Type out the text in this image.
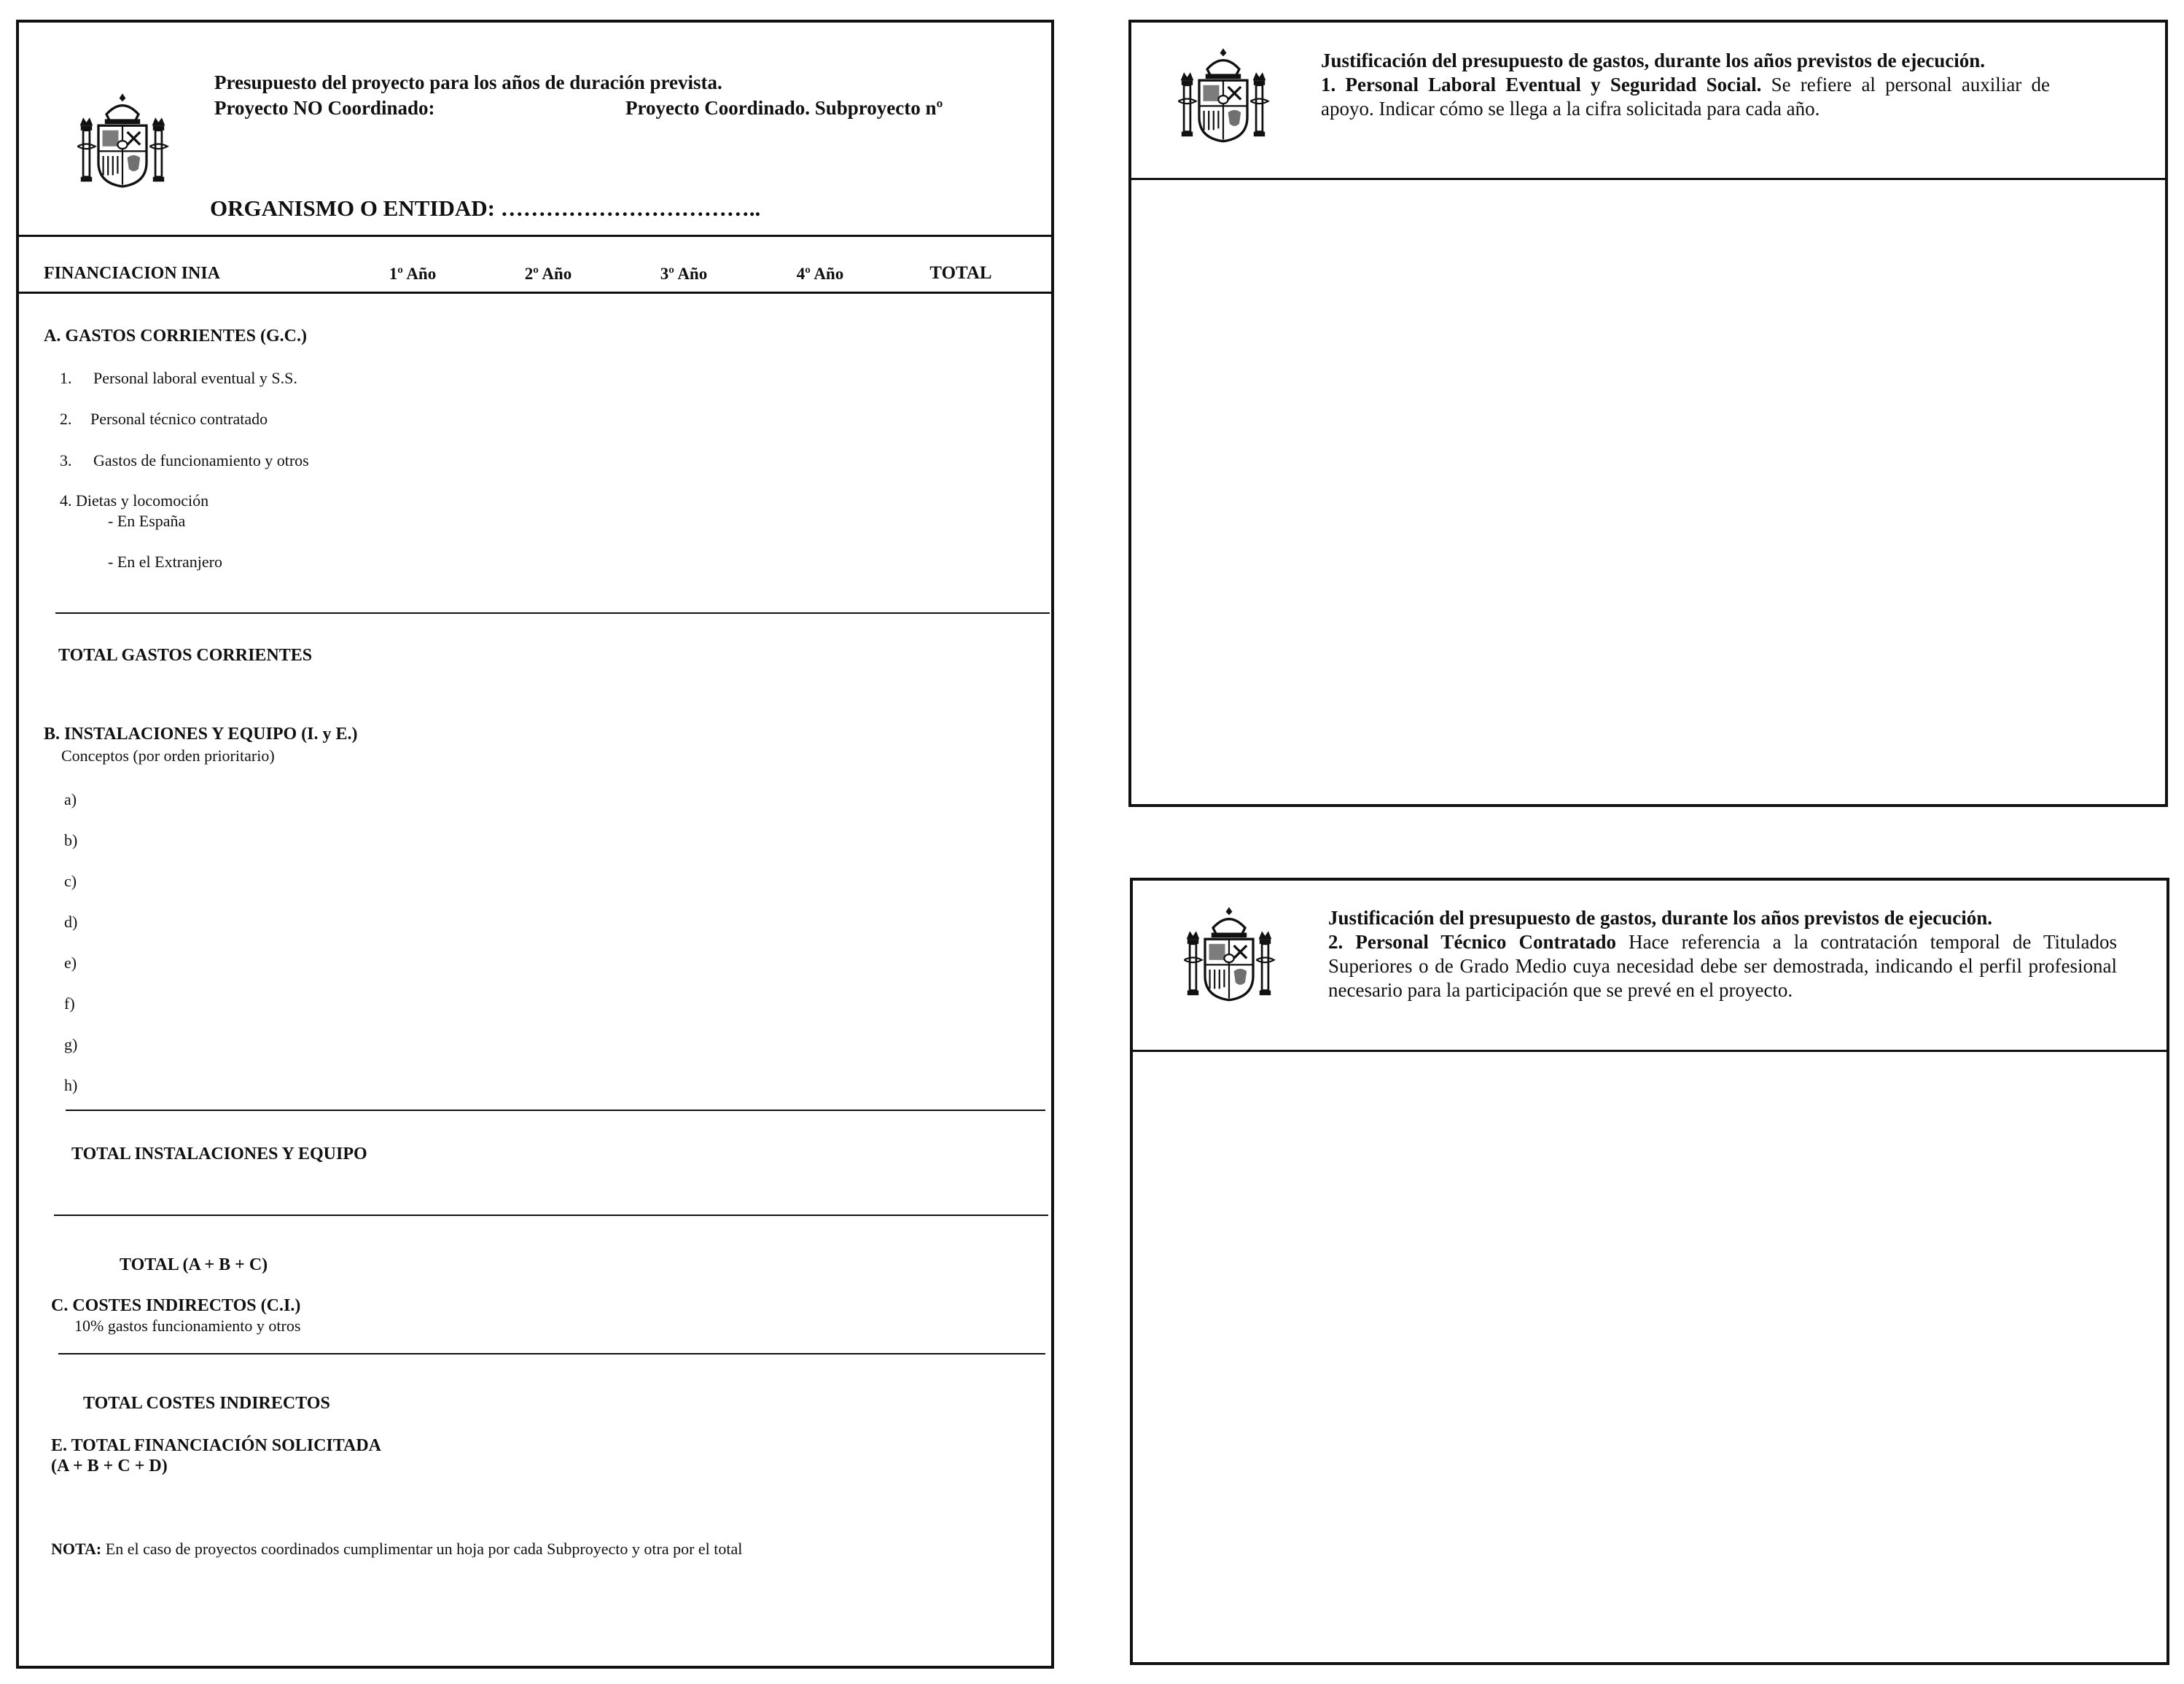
Presupuesto del proyecto para los años de duración prevista.
Proyecto NO Coordinado:	Proyecto Coordinado. Subproyecto nº
ORGANISMO O ENTIDAD: ……………………………..
FINANCIACION INIA	1º Año	2º Año	3º Año	4º Año	TOTAL
A. GASTOS CORRIENTES (G.C.)
1. Personal laboral eventual y S.S.
2. Personal técnico contratado
3. Gastos de funcionamiento y otros
4. Dietas y locomoción
- En España
- En el Extranjero
TOTAL GASTOS CORRIENTES
B. INSTALACIONES Y EQUIPO (I. y E.)
Conceptos (por orden prioritario)
a)
b)
c)
d)
e)
f)
g)
h)
TOTAL INSTALACIONES Y EQUIPO
TOTAL (A + B + C)
C. COSTES INDIRECTOS (C.I.)
10% gastos funcionamiento y otros
TOTAL COSTES INDIRECTOS
E. TOTAL FINANCIACIÓN SOLICITADA
(A + B + C + D)
NOTA: En el caso de proyectos coordinados cumplimentar un hoja por cada Subproyecto y otra por el total
Justificación del presupuesto de gastos, durante los años previstos de ejecución.
1. Personal Laboral Eventual y Seguridad Social. Se refiere al personal auxiliar de apoyo. Indicar cómo se llega a la cifra solicitada para cada año.
Justificación del presupuesto de gastos, durante los años previstos de ejecución.
2. Personal Técnico Contratado Hace referencia a la contratación temporal de Titulados Superiores o de Grado Medio cuya necesidad debe ser demostrada, indicando el perfil profesional necesario para la participación que se prevé en el proyecto.
